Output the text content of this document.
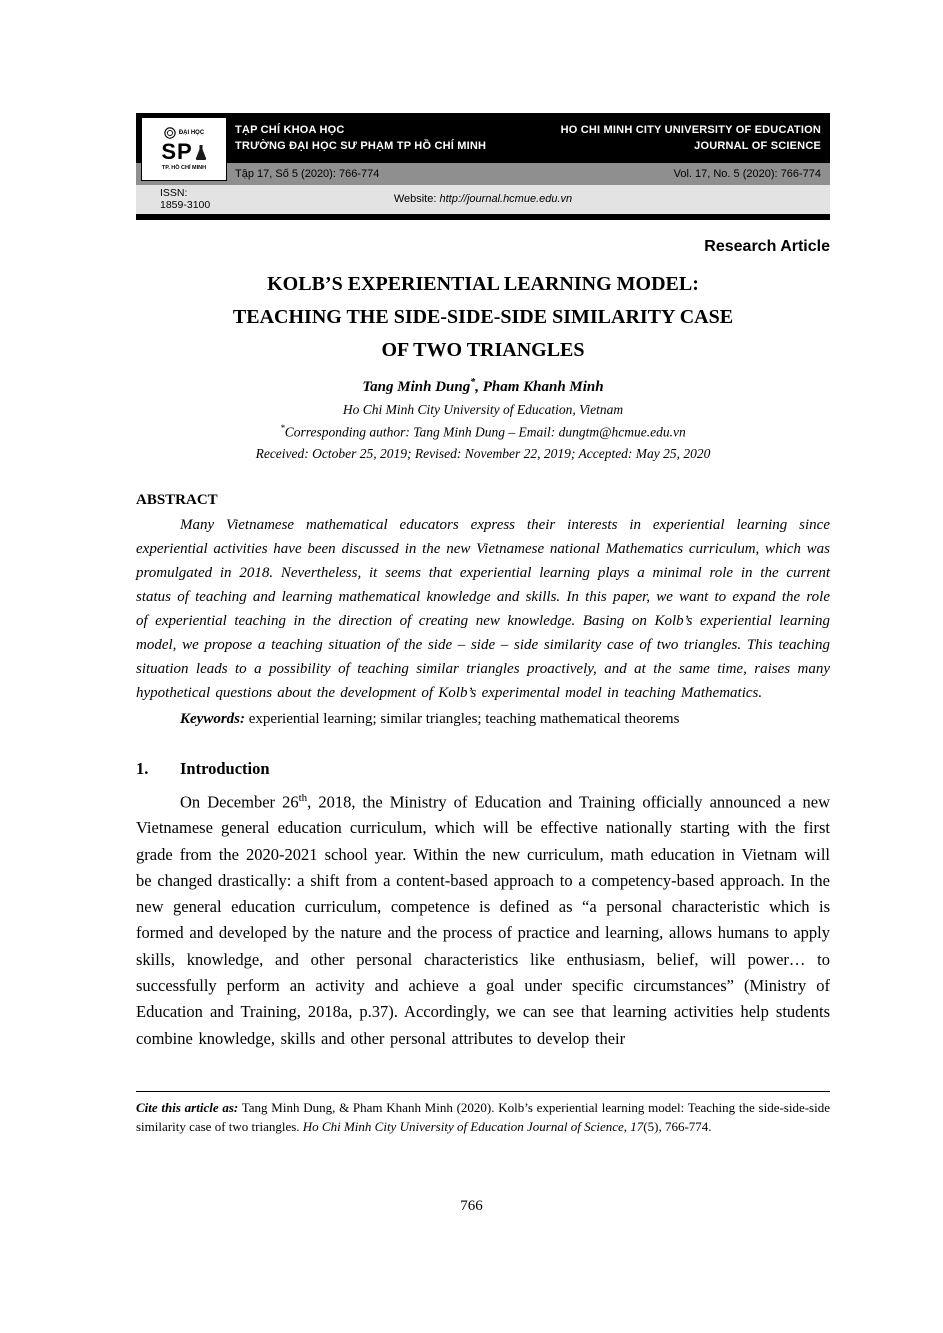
ĐẠI HỌC
SP
TP. HỒ CHÍ MINH
TẠP CHÍ KHOA HỌC
TRƯỜNG ĐẠI HỌC SƯ PHẠM TP HỒ CHÍ MINH
HO CHI MINH CITY UNIVERSITY OF EDUCATION
JOURNAL OF SCIENCE
Tập 17, Số 5 (2020): 766-774	Vol. 17, No. 5 (2020): 766-774
ISSN:
1859-3100	Website: http://journal.hcmue.edu.vn
Research Article
KOLB’S EXPERIENTIAL LEARNING MODEL:
TEACHING THE SIDE-SIDE-SIDE SIMILARITY CASE
OF TWO TRIANGLES
Tang Minh Dung*, Pham Khanh Minh
Ho Chi Minh City University of Education, Vietnam
*Corresponding author: Tang Minh Dung – Email: dungtm@hcmue.edu.vn
Received: October 25, 2019; Revised: November 22, 2019; Accepted: May 25, 2020
ABSTRACT
Many Vietnamese mathematical educators express their interests in experiential learning since experiential activities have been discussed in the new Vietnamese national Mathematics curriculum, which was promulgated in 2018. Nevertheless, it seems that experiential learning plays a minimal role in the current status of teaching and learning mathematical knowledge and skills. In this paper, we want to expand the role of experiential teaching in the direction of creating new knowledge. Basing on Kolb’s experiential learning model, we propose a teaching situation of the side – side – side similarity case of two triangles. This teaching situation leads to a possibility of teaching similar triangles proactively, and at the same time, raises many hypothetical questions about the development of Kolb’s experimental model in teaching Mathematics.
Keywords: experiential learning; similar triangles; teaching mathematical theorems
1. Introduction
On December 26th, 2018, the Ministry of Education and Training officially announced a new Vietnamese general education curriculum, which will be effective nationally starting with the first grade from the 2020-2021 school year. Within the new curriculum, math education in Vietnam will be changed drastically: a shift from a content-based approach to a competency-based approach. In the new general education curriculum, competence is defined as “a personal characteristic which is formed and developed by the nature and the process of practice and learning, allows humans to apply skills, knowledge, and other personal characteristics like enthusiasm, belief, will power… to successfully perform an activity and achieve a goal under specific circumstances” (Ministry of Education and Training, 2018a, p.37). Accordingly, we can see that learning activities help students combine knowledge, skills and other personal attributes to develop their
Cite this article as: Tang Minh Dung, & Pham Khanh Minh (2020). Kolb’s experiential learning model: Teaching the side-side-side similarity case of two triangles. Ho Chi Minh City University of Education Journal of Science, 17(5), 766-774.
766
